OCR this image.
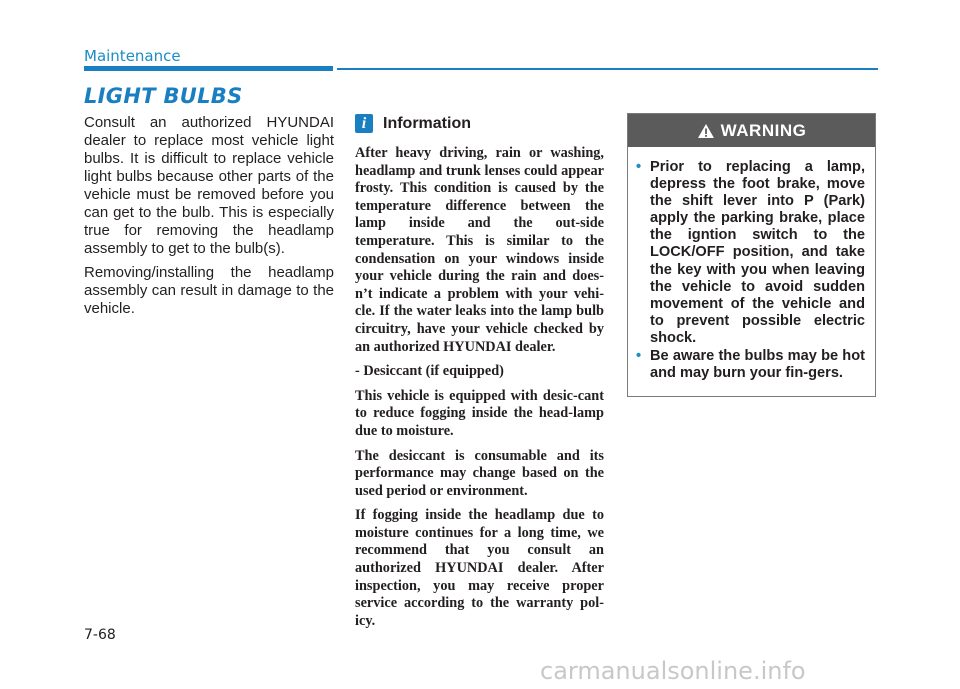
Maintenance
LIGHT BULBS

Consult an authorized HYUNDAI dealer to replace most vehicle light bulbs. It is difficult to replace vehicle light bulbs because other parts of the vehicle must be removed before you can get to the bulb. This is especially true for removing the headlamp assembly to get to the bulb(s).

Removing/installing the headlamp assembly can result in damage to the vehicle.

i	Information

After heavy driving, rain or washing, headlamp and trunk lenses could appear frosty. This condition is caused by the temperature difference between the lamp inside and the out-side temperature. This is similar to the condensation on your windows inside your vehicle during the rain and does-n’t indicate a problem with your vehi-cle. If the water leaks into the lamp bulb circuitry, have your vehicle checked by an authorized HYUNDAI dealer.

- Desiccant (if equipped)

This vehicle is equipped with desic-cant to reduce fogging inside the head-lamp due to moisture.

The desiccant is consumable and its performance may change based on the used period or environment.

If fogging inside the headlamp due to moisture continues for a long time, we recommend that you consult an authorized HYUNDAI dealer. After inspection, you may receive proper service according to the warranty pol-icy.

WARNING
• Prior to replacing a lamp, depress the foot brake, move the shift lever into P (Park) apply the parking brake, place the igntion switch to the LOCK/OFF position, and take the key with you when leaving the vehicle to avoid sudden movement of the vehicle and to prevent possible electric shock.
• Be aware the bulbs may be hot and may burn your fin-gers.
7-68
carmanualsonline.info
